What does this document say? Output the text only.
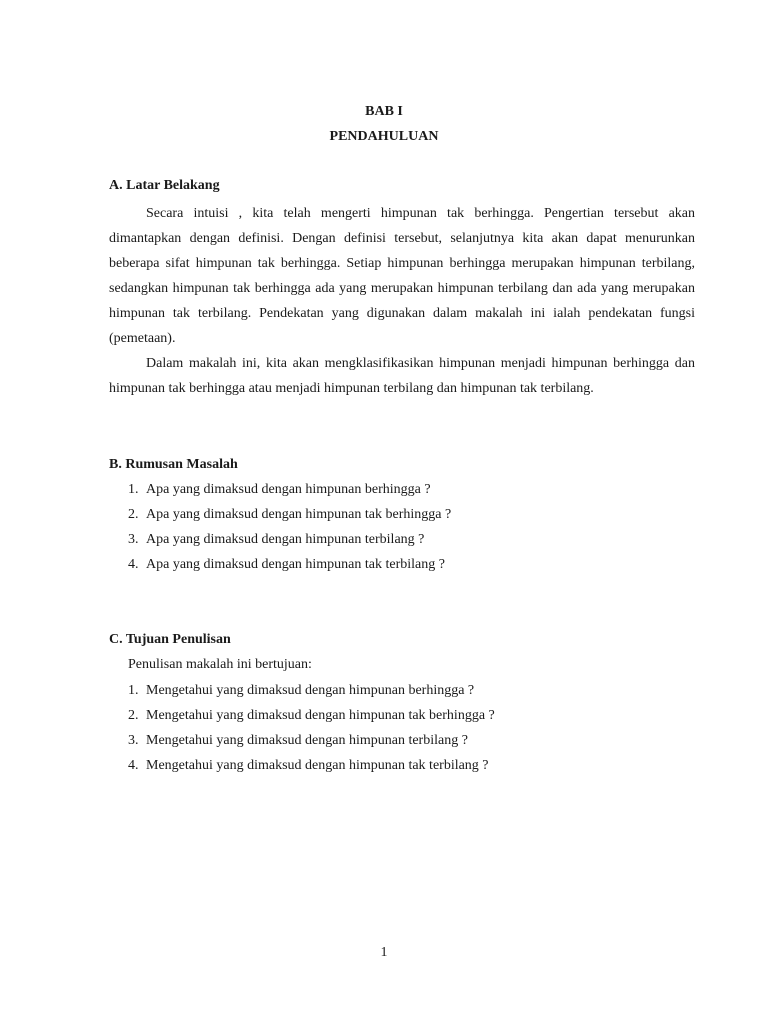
BAB I

PENDAHULUAN

A. Latar Belakang

Secara intuisi , kita telah mengerti himpunan tak berhingga. Pengertian tersebut akan dimantapkan dengan definisi. Dengan definisi tersebut, selanjutnya kita akan dapat menurunkan beberapa sifat himpunan tak berhingga. Setiap himpunan berhingga merupakan himpunan terbilang, sedangkan himpunan tak berhingga ada yang merupakan himpunan terbilang dan ada yang merupakan himpunan tak terbilang. Pendekatan yang digunakan dalam makalah ini ialah pendekatan fungsi (pemetaan).

Dalam makalah ini, kita akan mengklasifikasikan himpunan menjadi himpunan berhingga dan himpunan tak berhingga atau menjadi himpunan terbilang dan himpunan tak terbilang.

B. Rumusan Masalah

1. Apa yang dimaksud dengan himpunan berhingga ?
2. Apa yang dimaksud dengan himpunan tak berhingga ?
3. Apa yang dimaksud dengan himpunan terbilang ?
4. Apa yang dimaksud dengan himpunan tak terbilang ?

C. Tujuan Penulisan

Penulisan makalah ini bertujuan:

1. Mengetahui yang dimaksud dengan himpunan berhingga ?
2. Mengetahui yang dimaksud dengan himpunan tak berhingga ?
3. Mengetahui yang dimaksud dengan himpunan terbilang ?
4. Mengetahui yang dimaksud dengan himpunan tak terbilang ?

1
